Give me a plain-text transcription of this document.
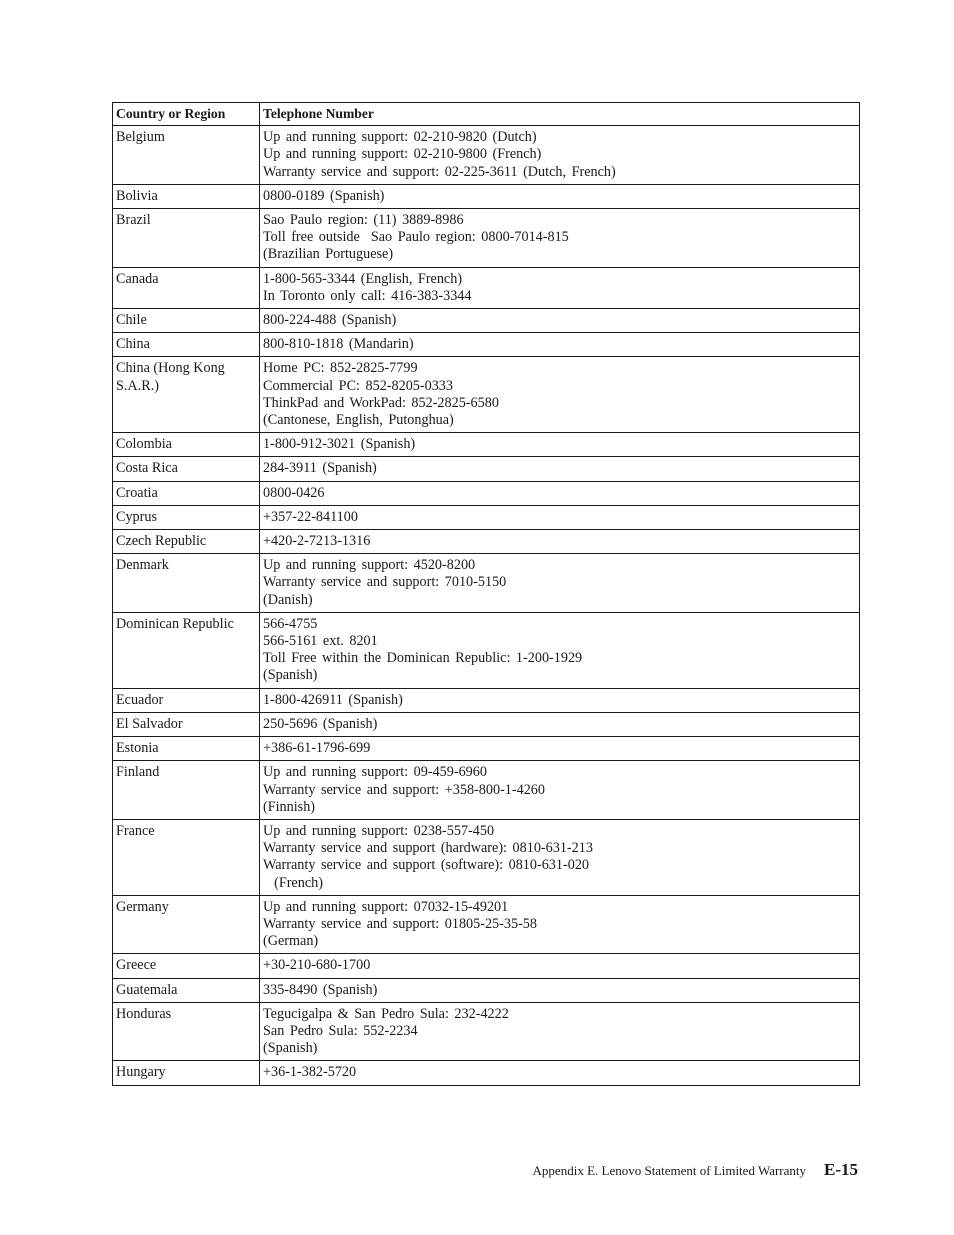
Country or Region	Telephone Number
Belgium	Up and running support: 02-210-9820 (Dutch)
Up and running support: 02-210-9800 (French)
Warranty service and support: 02-225-3611 (Dutch, French)

Bolivia	0800-0189 (Spanish)

Brazil	Sao Paulo region: (11) 3889-8986
Toll free outside  Sao Paulo region: 0800-7014-815
(Brazilian Portuguese)

Canada	1-800-565-3344 (English, French)
In Toronto only call: 416-383-3344

Chile	800-224-488 (Spanish)

China	800-810-1818 (Mandarin)

China (Hong Kong S.A.R.)	Home PC: 852-2825-7799
Commercial PC: 852-8205-0333
ThinkPad and WorkPad: 852-2825-6580
(Cantonese, English, Putonghua)

Colombia	1-800-912-3021 (Spanish)

Costa Rica	284-3911 (Spanish)

Croatia	0800-0426

Cyprus	+357-22-841100

Czech Republic	+420-2-7213-1316

Denmark	Up and running support: 4520-8200
Warranty service and support: 7010-5150
(Danish)

Dominican Republic	566-4755
566-5161 ext. 8201
Toll Free within the Dominican Republic: 1-200-1929
(Spanish)

Ecuador	1-800-426911 (Spanish)

El Salvador	250-5696 (Spanish)

Estonia	+386-61-1796-699

Finland	Up and running support: 09-459-6960
Warranty service and support: +358-800-1-4260
(Finnish)

France	Up and running support: 0238-557-450
Warranty service and support (hardware): 0810-631-213
Warranty service and support (software): 0810-631-020
(French)

Germany	Up and running support: 07032-15-49201
Warranty service and support: 01805-25-35-58
(German)

Greece	+30-210-680-1700

Guatemala	335-8490 (Spanish)

Honduras	Tegucigalpa & San Pedro Sula: 232-4222
San Pedro Sula: 552-2234
(Spanish)

Hungary	+36-1-382-5720
Appendix E. Lenovo Statement of Limited Warranty E-15
